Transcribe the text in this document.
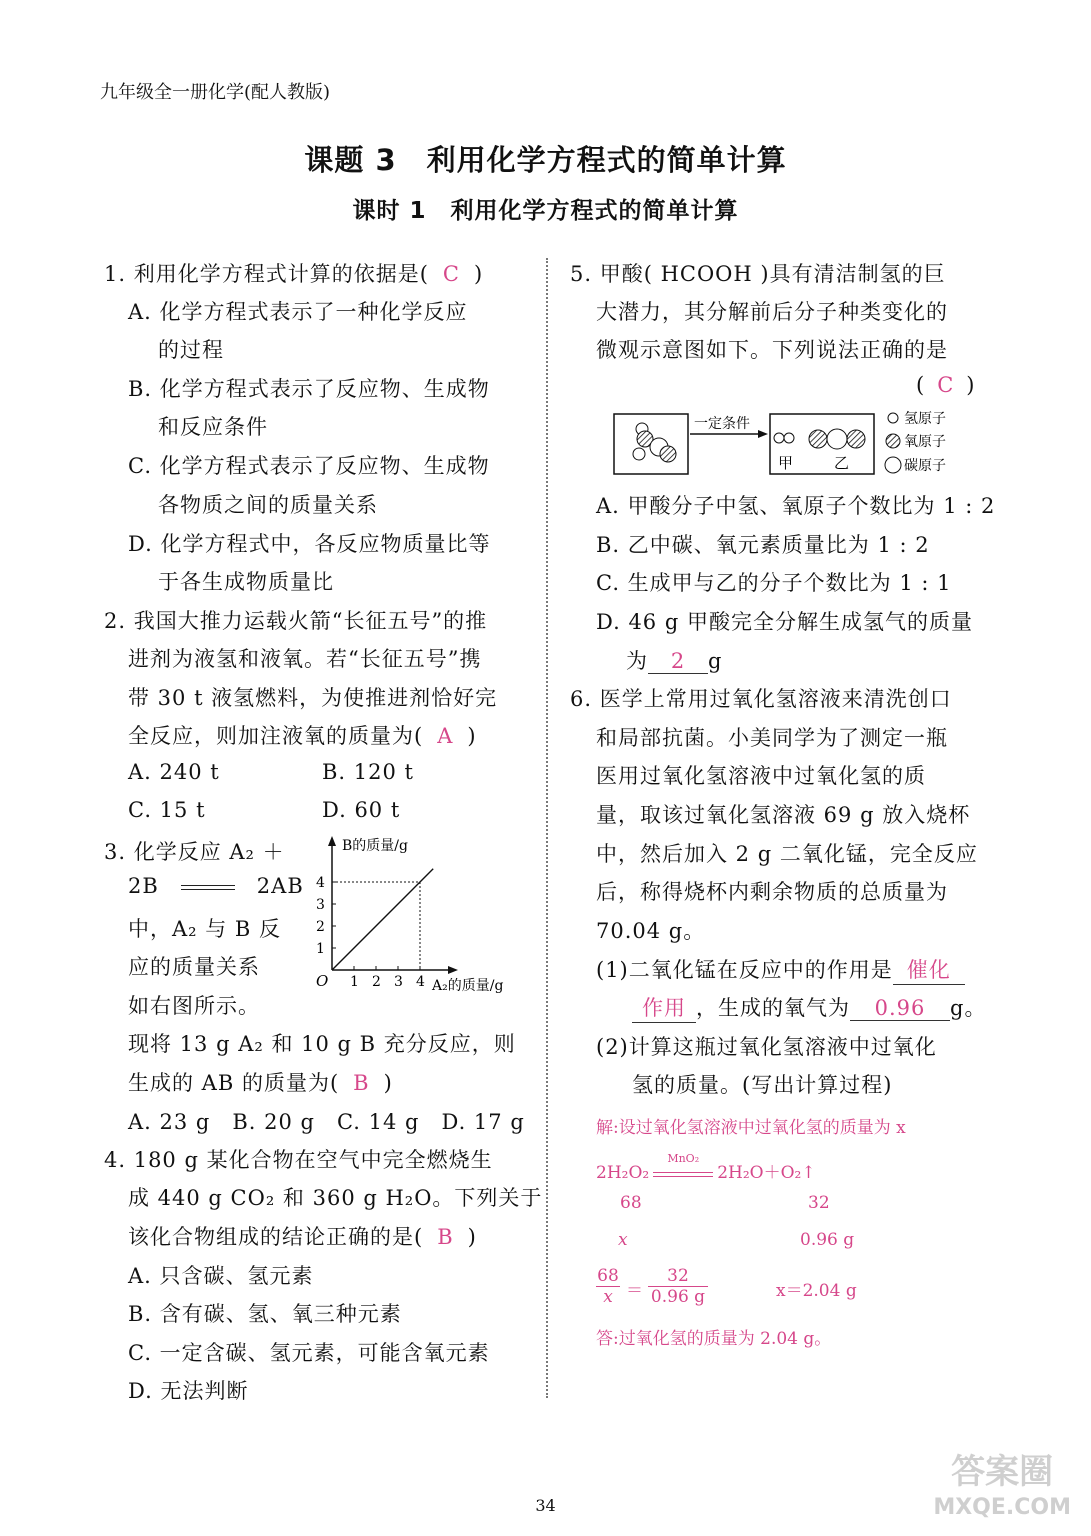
九年级全一册化学(配人教版)
课题 3　利用化学方程式的简单计算
课时 1　利用化学方程式的简单计算
1. 利用化学方程式计算的依据是( C )
A. 化学方程式表示了一种化学反应
的过程
B. 化学方程式表示了反应物、生成物
和反应条件
C. 化学方程式表示了反应物、生成物
各物质之间的质量关系
D. 化学方程式中，各反应物质量比等
于各生成物质量比
2. 我国大推力运载火箭“长征五号”的推
进剂为液氢和液氧。若“长征五号”携
带 30 t 液氢燃料，为使推进剂恰好完
全反应，则加注液氧的质量为( A )
A. 240 t	B. 120 t
C. 15 t	D. 60 t
3. 化学反应 A₂ ＋
2B	2AB
中，A₂ 与 B 反
应的质量关系
如右图所示。
现将 13 g A₂ 和 10 g B 充分反应，则
生成的 AB 的质量为( B )
A. 23 g　B. 20 g　C. 14 g　D. 17 g
B的质量/g
A₂的质量/g
O 1 2 3 4
1
2
3
4
4. 180 g 某化合物在空气中完全燃烧生
成 440 g CO₂ 和 360 g H₂O。下列关于
该化合物组成的结论正确的是( B )
A. 只含碳、氢元素
B. 含有碳、氢、氧三种元素
C. 一定含碳、氢元素，可能含氧元素
D. 无法判断
5. 甲酸( HCOOH )具有清洁制氢的巨
大潜力，其分解前后分子种类变化的
微观示意图如下。下列说法正确的是
( C )
一定条件
甲	乙
氢原子
氧原子
碳原子
A. 甲酸分子中氢、氧原子个数比为 1 : 2
B. 乙中碳、氧元素质量比为 1 : 2
C. 生成甲与乙的分子个数比为 1 : 1
D. 46 g 甲酸完全分解生成氢气的质量
为 2 g
6. 医学上常用过氧化氢溶液来清洗创口
和局部抗菌。小美同学为了测定一瓶
医用过氧化氢溶液中过氧化氢的质
量，取该过氧化氢溶液 69 g 放入烧杯
中，然后加入 2 g 二氧化锰，完全反应
后，称得烧杯内剩余物质的总质量为
70.04 g。
(1)二氧化锰在反应中的作用是 催化
作用 ，生成的氧气为 0.96 g。
(2)计算这瓶过氧化氢溶液中过氧化
氢的质量。(写出计算过程)
解:设过氧化氢溶液中过氧化氢的质量为 x
2H₂O₂
MnO₂
2H₂O＋O₂↑
68	32
x	0.96 g
68
x ＝
32
0.96 g	x＝2.04 g
答:过氧化氢的质量为 2.04 g。
34
答案圈
MXQE.COM
